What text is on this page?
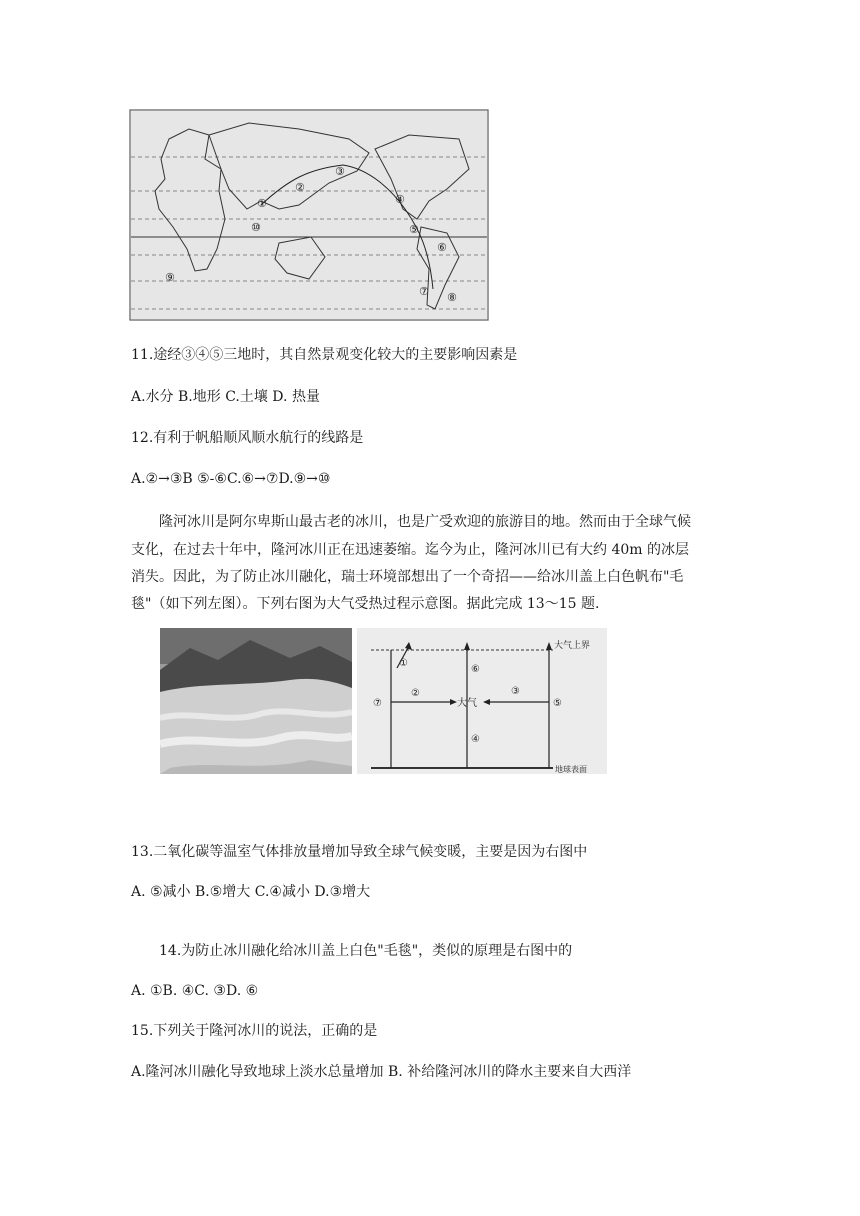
①
②
③
④
⑤
⑥
⑦ ⑧
⑨
⑩
11.途经③④⑤三地时，其自然景观变化较大的主要影响因素是
A.水分 B.地形 C.土壤 D. 热量
12.有利于帆船顺风顺水航行的线路是
A.②→③B ⑤-⑥C.⑥→⑦D.⑨→⑩
隆河冰川是阿尔卑斯山最古老的冰川，也是广受欢迎的旅游目的地。然而由于全球气候
支化，在过去十年中，隆河冰川正在迅速萎缩。迄今为止，隆河冰川已有大约 40m 的冰层
消失。因此，为了防止冰川融化，瑞士环境部想出了一个奇招——给冰川盖上白色帆布"毛
毯"（如下列左图）。下列右图为大气受热过程示意图。据此完成 13～15 题.
大气上界
地球表面
①
⑦
②
大气
⑥
④
③
⑤
13.二氧化碳等温室气体排放量增加导致全球气候变暖，主要是因为右图中
A. ⑤减小 B.⑤增大 C.④减小 D.③增大
14.为防止冰川融化给冰川盖上白色"毛毯"，类似的原理是右图中的
A. ①B. ④C. ③D. ⑥
15.下列关于隆河冰川的说法，正确的是
A.隆河冰川融化导致地球上淡水总量增加 B. 补给隆河冰川的降水主要来自大西洋
